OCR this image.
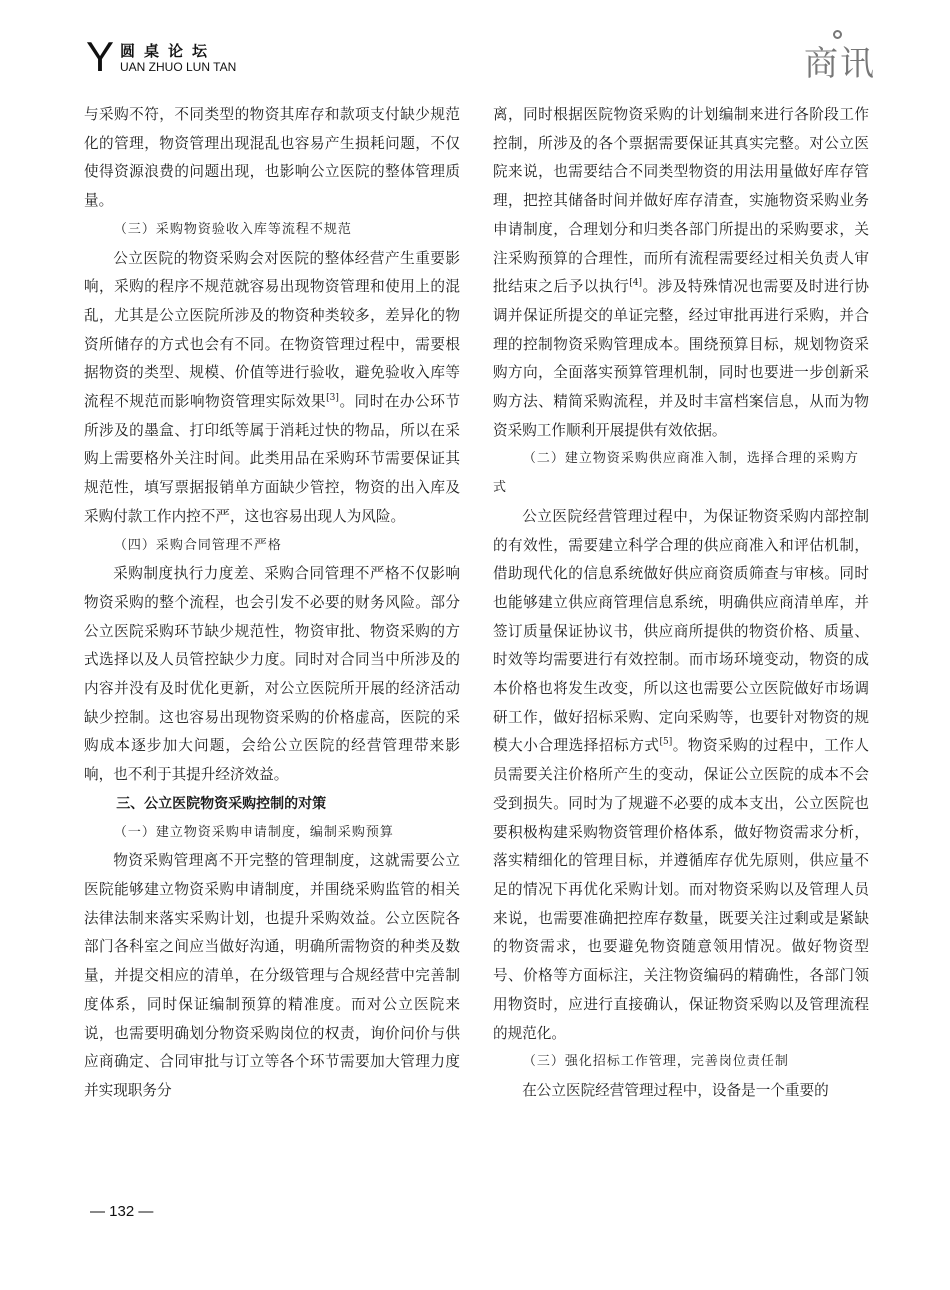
Y 圆桌论坛
UAN ZHUO LUN TAN	商讯

与采购不符，不同类型的物资其库存和款项支付缺少规范化的管理，物资管理出现混乱也容易产生损耗问题，不仅使得资源浪费的问题出现，也影响公立医院的整体管理质量。

（三）采购物资验收入库等流程不规范

公立医院的物资采购会对医院的整体经营产生重要影响，采购的程序不规范就容易出现物资管理和使用上的混乱，尤其是公立医院所涉及的物资种类较多，差异化的物资所储存的方式也会有不同。在物资管理过程中，需要根据物资的类型、规模、价值等进行验收，避免验收入库等流程不规范而影响物资管理实际效果[3]。同时在办公环节所涉及的墨盒、打印纸等属于消耗过快的物品，所以在采购上需要格外关注时间。此类用品在采购环节需要保证其规范性，填写票据报销单方面缺少管控，物资的出入库及采购付款工作内控不严，这也容易出现人为风险。

（四）采购合同管理不严格

采购制度执行力度差、采购合同管理不严格不仅影响物资采购的整个流程，也会引发不必要的财务风险。部分公立医院采购环节缺少规范性，物资审批、物资采购的方式选择以及人员管控缺少力度。同时对合同当中所涉及的内容并没有及时优化更新，对公立医院所开展的经济活动缺少控制。这也容易出现物资采购的价格虚高，医院的采购成本逐步加大问题，会给公立医院的经营管理带来影响，也不利于其提升经济效益。

三、公立医院物资采购控制的对策

（一）建立物资采购申请制度，编制采购预算

物资采购管理离不开完整的管理制度，这就需要公立医院能够建立物资采购申请制度，并围绕采购监管的相关法律法制来落实采购计划，也提升采购效益。公立医院各部门各科室之间应当做好沟通，明确所需物资的种类及数量，并提交相应的清单，在分级管理与合规经营中完善制度体系，同时保证编制预算的精准度。而对公立医院来说，也需要明确划分物资采购岗位的权责，询价问价与供应商确定、合同审批与订立等各个环节需要加大管理力度并实现职务分

离，同时根据医院物资采购的计划编制来进行各阶段工作控制，所涉及的各个票据需要保证其真实完整。对公立医院来说，也需要结合不同类型物资的用法用量做好库存管理，把控其储备时间并做好库存清查，实施物资采购业务申请制度，合理划分和归类各部门所提出的采购要求，关注采购预算的合理性，而所有流程需要经过相关负责人审批结束之后予以执行[4]。涉及特殊情况也需要及时进行协调并保证所提交的单证完整，经过审批再进行采购，并合理的控制物资采购管理成本。围绕预算目标，规划物资采购方向，全面落实预算管理机制，同时也要进一步创新采购方法、精简采购流程，并及时丰富档案信息，从而为物资采购工作顺利开展提供有效依据。

（二）建立物资采购供应商准入制，选择合理的采购方式

公立医院经营管理过程中，为保证物资采购内部控制的有效性，需要建立科学合理的供应商准入和评估机制，借助现代化的信息系统做好供应商资质筛查与审核。同时也能够建立供应商管理信息系统，明确供应商清单库，并签订质量保证协议书，供应商所提供的物资价格、质量、时效等均需要进行有效控制。而市场环境变动，物资的成本价格也将发生改变，所以这也需要公立医院做好市场调研工作，做好招标采购、定向采购等，也要针对物资的规模大小合理选择招标方式[5]。物资采购的过程中，工作人员需要关注价格所产生的变动，保证公立医院的成本不会受到损失。同时为了规避不必要的成本支出，公立医院也要积极构建采购物资管理价格体系，做好物资需求分析，落实精细化的管理目标，并遵循库存优先原则，供应量不足的情况下再优化采购计划。而对物资采购以及管理人员来说，也需要准确把控库存数量，既要关注过剩或是紧缺的物资需求，也要避免物资随意领用情况。做好物资型号、价格等方面标注，关注物资编码的精确性，各部门领用物资时，应进行直接确认，保证物资采购以及管理流程的规范化。

（三）强化招标工作管理，完善岗位责任制

在公立医院经营管理过程中，设备是一个重要的

— 132 —
